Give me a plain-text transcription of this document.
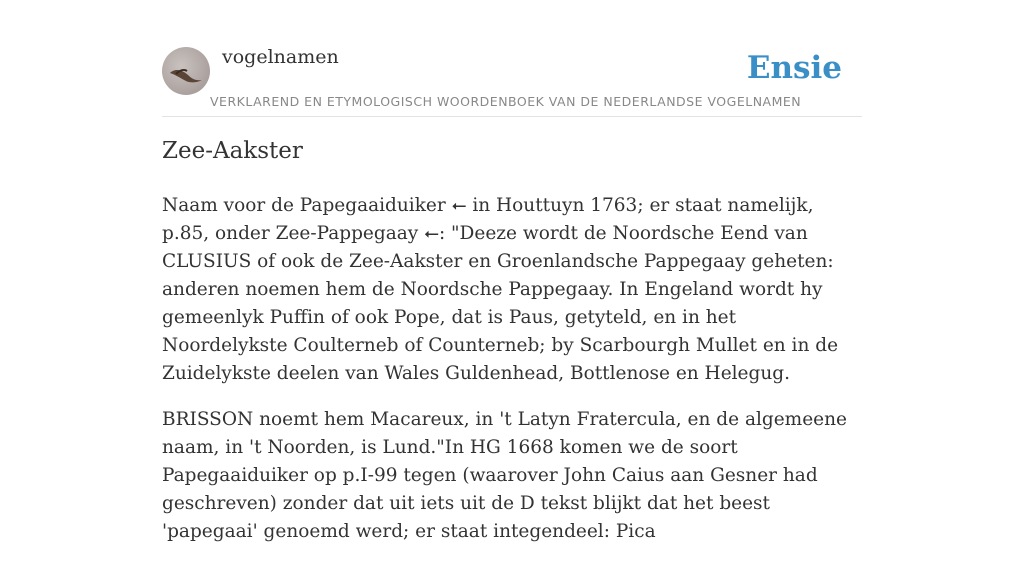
vogelnamen	Ensie
VERKLAREND EN ETYMOLOGISCH WOORDENBOEK VAN DE NEDERLANDSE VOGELNAMEN
Zee-Aakster

Naam voor de Papegaaiduiker ⭠ in Houttuyn 1763; er staat namelijk, p.85, onder Zee-Pappegaay ⭠: "Deeze wordt de Noordsche Eend van CLUSIUS of ook de Zee-Aakster en Groenlandsche Pappegaay geheten: anderen noemen hem de Noordsche Pappegaay. In Engeland wordt hy gemeenlyk Puffin of ook Pope, dat is Paus, getyteld, en in het Noordelykste Coulterneb of Counterneb; by Scarbourgh Mullet en in de Zuidelykste deelen van Wales Guldenhead, Bottlenose en Helegug.

BRISSON noemt hem Macareux, in 't Latyn Fratercula, en de algemeene naam, in 't Noorden, is Lund."In HG 1668 komen we de soort Papegaaiduiker op p.I-99 tegen (waarover John Caius aan Gesner had geschreven) zonder dat uit iets uit de D tekst blijkt dat het beest 'papegaai' genoemd werd; er staat integendeel: Pica
